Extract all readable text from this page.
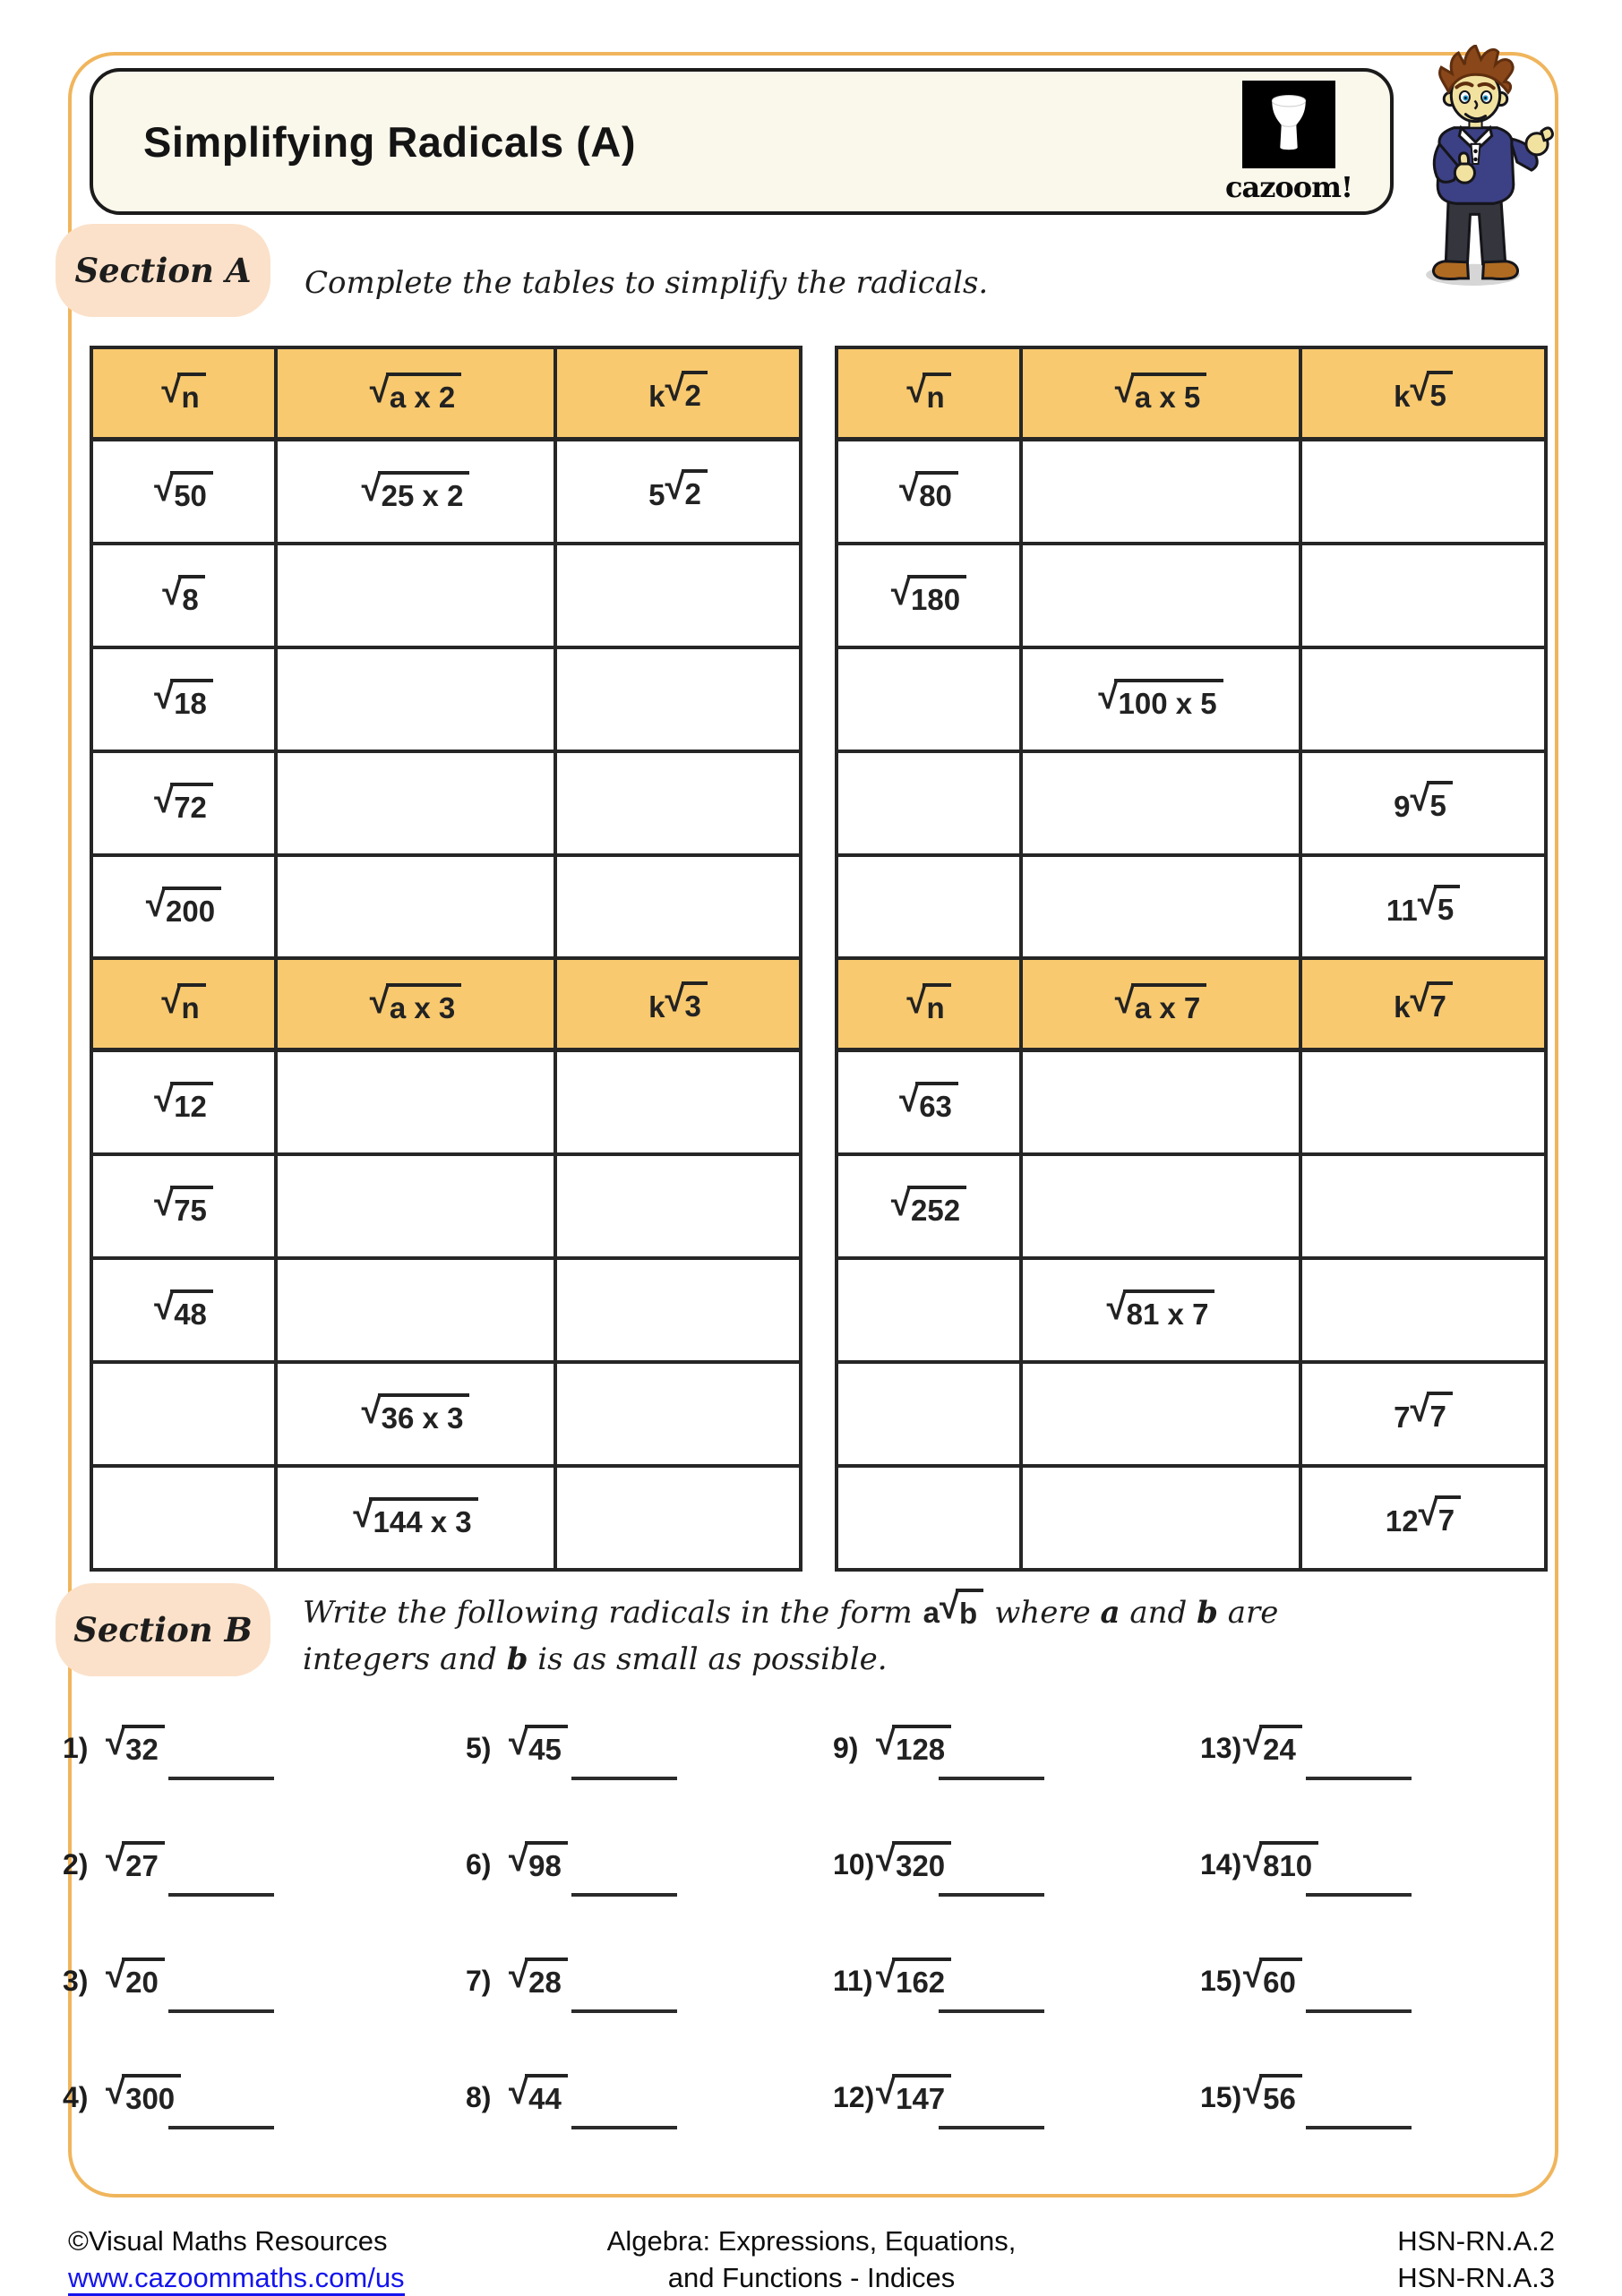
Simplifying Radicals (A)
cazoom!
Section A Complete the tables to simplify the radicals.
√ n	√ a x 2	k √ 2

√ 50	√ 25 x 2	5 √ 2

√ 8

√ 18

√ 72

√ 200

√ n	√ a x 5	k √ 5

√ 80

√ 180

	√ 100 x 5

		9 √ 5

		11 √ 5
√ n	√ a x 3	k √ 3

√ 12

√ 75

√ 48

	√ 36 x 3

	√ 144 x 3

√ n	√ a x 7	k √ 7

√ 63

√ 252

	√ 81 x 7

		7 √ 7

		12 √ 7
Section B Write the following radicals in the form a √ b where a and b are
integers and b is as small as possible.
1) √ 32	5) √ 45	9) √ 128	13) √ 24
2) √ 27	6) √ 98	10) √ 320	14) √ 810
3) √ 20	7) √ 28	11) √ 162	15) √ 60
4) √ 300	8) √ 44	12) √ 147	15) √ 56
©Visual Maths Resources
www.cazoommaths.com/us
Algebra: Expressions, Equations,
and Functions - Indices
HSN-RN.A.2
HSN-RN.A.3
